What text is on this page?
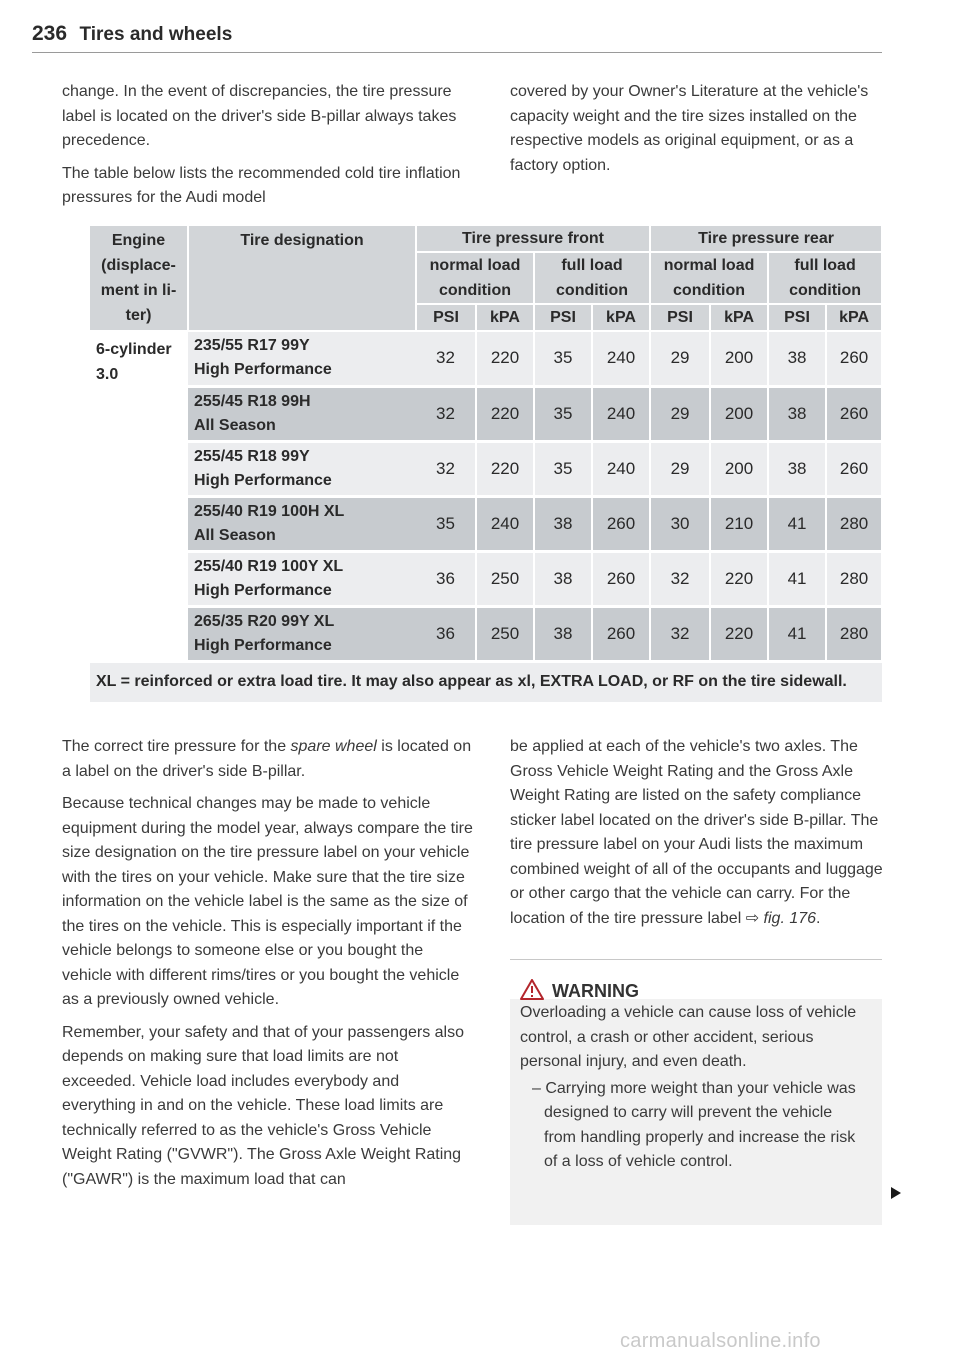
236 Tires and wheels

change. In the event of discrepancies, the tire pressure label is located on the driver's side B-pillar always takes precedence.

The table below lists the recommended cold tire inflation pressures for the Audi model

covered by your Owner's Literature at the vehicle's capacity weight and the tire sizes installed on the respective models as original equipment, or as a factory option.

Engine (displace-ment in li-ter)	Tire designation	Tire pressure front				Tire pressure rear			
		normal load condition		full load condition		normal load condition		full load condition	
		PSI	kPA	PSI	kPA	PSI	kPA	PSI	kPA
6-cylinder 3.0	235/55 R17 99Y
High Performance	32	220	35	240	29	200	38	260

	255/45 R18 99H
All Season	32	220	35	240	29	200	38	260

	255/45 R18 99Y
High Performance	32	220	35	240	29	200	38	260

	255/40 R19 100H XL
All Season	35	240	38	260	30	210	41	280

	255/40 R19 100Y XL
High Performance	36	250	38	260	32	220	41	280

	265/35 R20 99Y XL
High Performance	36	250	38	260	32	220	41	280
XL = reinforced or extra load tire. It may also appear as xl, EXTRA LOAD, or RF on the tire sidewall.									

The correct tire pressure for the spare wheel is located on a label on the driver's side B-pillar.

Because technical changes may be made to vehicle equipment during the model year, always compare the tire size designation on the tire pressure label on your vehicle with the tires on your vehicle. Make sure that the tire size information on the vehicle label is the same as the size of the tires on the vehicle. This is especially important if the vehicle belongs to someone else or you bought the vehicle with different rims/tires or you bought the vehicle as a previously owned vehicle.

Remember, your safety and that of your passengers also depends on making sure that load limits are not exceeded. Vehicle load includes everybody and everything in and on the vehicle. These load limits are technically referred to as the vehicle's Gross Vehicle Weight Rating ("GVWR"). The Gross Axle Weight Rating ("GAWR") is the maximum load that can

be applied at each of the vehicle's two axles. The Gross Vehicle Weight Rating and the Gross Axle Weight Rating are listed on the safety compliance sticker label located on the driver's side B-pillar. The tire pressure label on your Audi lists the maximum combined weight of all of the occupants and luggage or other cargo that the vehicle can carry. For the location of the tire pressure label ⇨ fig. 176.

WARNING

Overloading a vehicle can cause loss of vehicle control, a crash or other accident, serious personal injury, and even death.

– Carrying more weight than your vehicle was designed to carry will prevent the vehicle from handling properly and increase the risk of a loss of vehicle control.

carmanualsonline.info
